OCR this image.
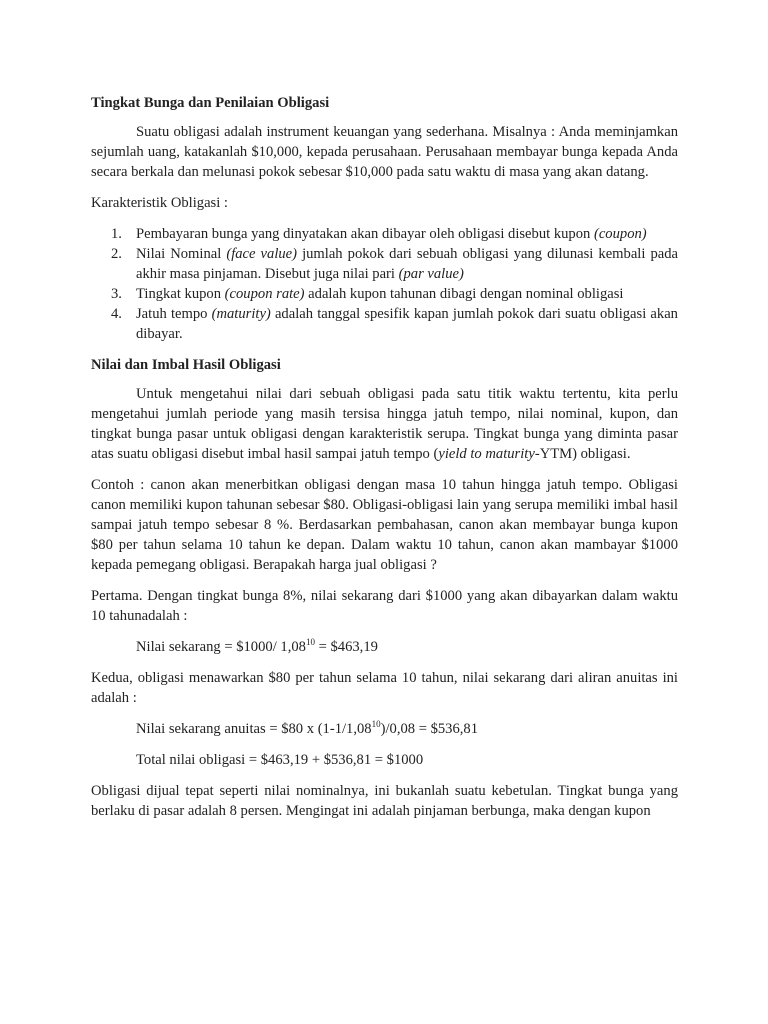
Tingkat Bunga dan Penilaian Obligasi

Suatu obligasi adalah instrument keuangan yang sederhana. Misalnya : Anda meminjamkan sejumlah uang, katakanlah $10,000, kepada perusahaan. Perusahaan membayar bunga kepada Anda secara berkala dan melunasi pokok sebesar $10,000 pada satu waktu di masa yang akan datang.

Karakteristik Obligasi :

1. Pembayaran bunga yang dinyatakan akan dibayar oleh obligasi disebut kupon (coupon)
2. Nilai Nominal (face value) jumlah pokok dari sebuah obligasi yang dilunasi kembali pada akhir masa pinjaman. Disebut juga nilai pari (par value)
3. Tingkat kupon (coupon rate) adalah kupon tahunan dibagi dengan nominal obligasi
4. Jatuh tempo (maturity) adalah tanggal spesifik kapan jumlah pokok dari suatu obligasi akan dibayar.
Nilai dan Imbal Hasil Obligasi

Untuk mengetahui nilai dari sebuah obligasi pada satu titik waktu tertentu, kita perlu mengetahui jumlah periode yang masih tersisa hingga jatuh tempo, nilai nominal, kupon, dan tingkat bunga pasar untuk obligasi dengan karakteristik serupa. Tingkat bunga yang diminta pasar atas suatu obligasi disebut imbal hasil sampai jatuh tempo (yield to maturity-YTM) obligasi.

Contoh : canon akan menerbitkan obligasi dengan masa 10 tahun hingga jatuh tempo. Obligasi canon memiliki kupon tahunan sebesar $80. Obligasi-obligasi lain yang serupa memiliki imbal hasil sampai jatuh tempo sebesar 8 %. Berdasarkan pembahasan, canon akan membayar bunga kupon $80 per tahun selama 10 tahun ke depan. Dalam waktu 10 tahun, canon akan mambayar $1000 kepada pemegang obligasi. Berapakah harga jual obligasi ?

Pertama. Dengan tingkat bunga 8%, nilai sekarang dari $1000 yang akan dibayarkan dalam waktu 10 tahunadalah :

Nilai sekarang = $1000/ $1,08^{10}$ = $463,19

Kedua, obligasi menawarkan $80 per tahun selama 10 tahun, nilai sekarang dari aliran anuitas ini adalah :

Nilai sekarang anuitas = $80 x $(1-1/1,08^{10})/0,08$ = $536,81
Total nilai obligasi = $463,19 + $536,81 = $1000

Obligasi dijual tepat seperti nilai nominalnya, ini bukanlah suatu kebetulan. Tingkat bunga yang berlaku di pasar adalah 8 persen. Mengingat ini adalah pinjaman berbunga, maka dengan kupon
